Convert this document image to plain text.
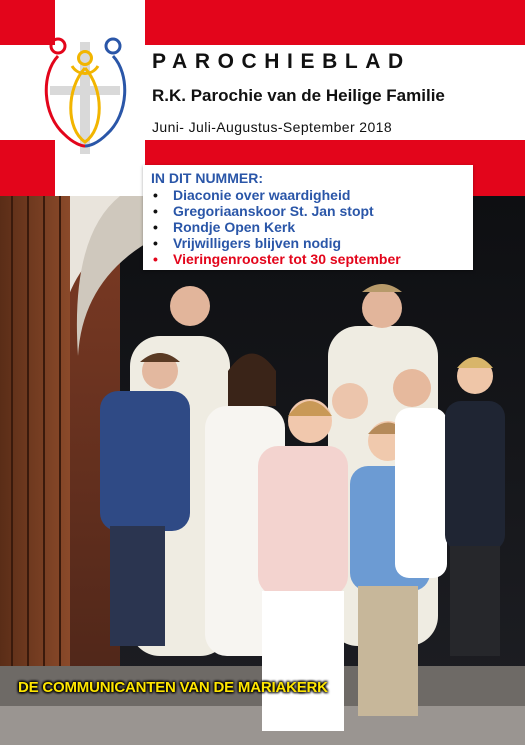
PAROCHIEBLAD
R.K. Parochie van de Heilige Familie
Juni- Juli-Augustus-September 2018
IN DIT NUMMER:
• Diaconie over waardigheid
• Gregoriaanskoor St. Jan stopt
• Rondje Open Kerk
• Vrijwilligers blijven nodig
• Vieringenrooster tot 30 september
DE COMMUNICANTEN VAN DE MARIAKERK
